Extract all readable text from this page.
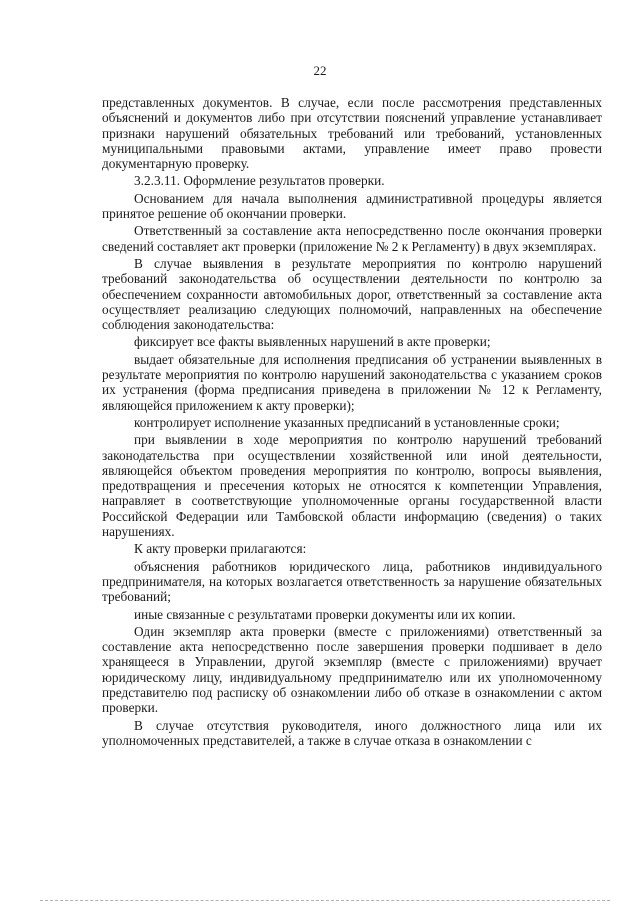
22

представленных документов. В случае, если после рассмотрения представленных объяснений и документов либо при отсутствии пояснений управление устанавливает признаки нарушений обязательных требований или требований, установленных муниципальными правовыми актами, управление имеет право провести документарную проверку.

3.2.3.11. Оформление результатов проверки.

Основанием для начала выполнения административной процедуры является принятое решение об окончании проверки.

Ответственный за составление акта непосредственно после окончания проверки сведений составляет акт проверки (приложение № 2 к Регламенту) в двух экземплярах.

В случае выявления в результате мероприятия по контролю нарушений требований законодательства об осуществлении деятельности по контролю за обеспечением сохранности автомобильных дорог, ответственный за составление акта осуществляет реализацию следующих полномочий, направленных на обеспечение соблюдения законодательства:

фиксирует все факты выявленных нарушений в акте проверки;

выдает обязательные для исполнения предписания об устранении выявленных в результате мероприятия по контролю нарушений законодательства с указанием сроков их устранения (форма предписания приведена в приложении № 12 к Регламенту, являющейся приложением к акту проверки);

контролирует исполнение указанных предписаний в установленные сроки;

при выявлении в ходе мероприятия по контролю нарушений требований законодательства при осуществлении хозяйственной или иной деятельности, являющейся объектом проведения мероприятия по контролю, вопросы выявления, предотвращения и пресечения которых не относятся к компетенции Управления, направляет в соответствующие уполномоченные органы государственной власти Российской Федерации или Тамбовской области информацию (сведения) о таких нарушениях.

К акту проверки прилагаются:

объяснения работников юридического лица, работников индивидуального предпринимателя, на которых возлагается ответственность за нарушение обязательных требований;

иные связанные с результатами проверки документы или их копии.

Один экземпляр акта проверки (вместе с приложениями) ответственный за составление акта непосредственно после завершения проверки подшивает в дело хранящееся в Управлении, другой экземпляр (вместе с приложениями) вручает юридическому лицу, индивидуальному предпринимателю или их уполномоченному представителю под расписку об ознакомлении либо об отказе в ознакомлении с актом проверки.

В случае отсутствия руководителя, иного должностного лица или их уполномоченных представителей, а также в случае отказа в ознакомлении с
